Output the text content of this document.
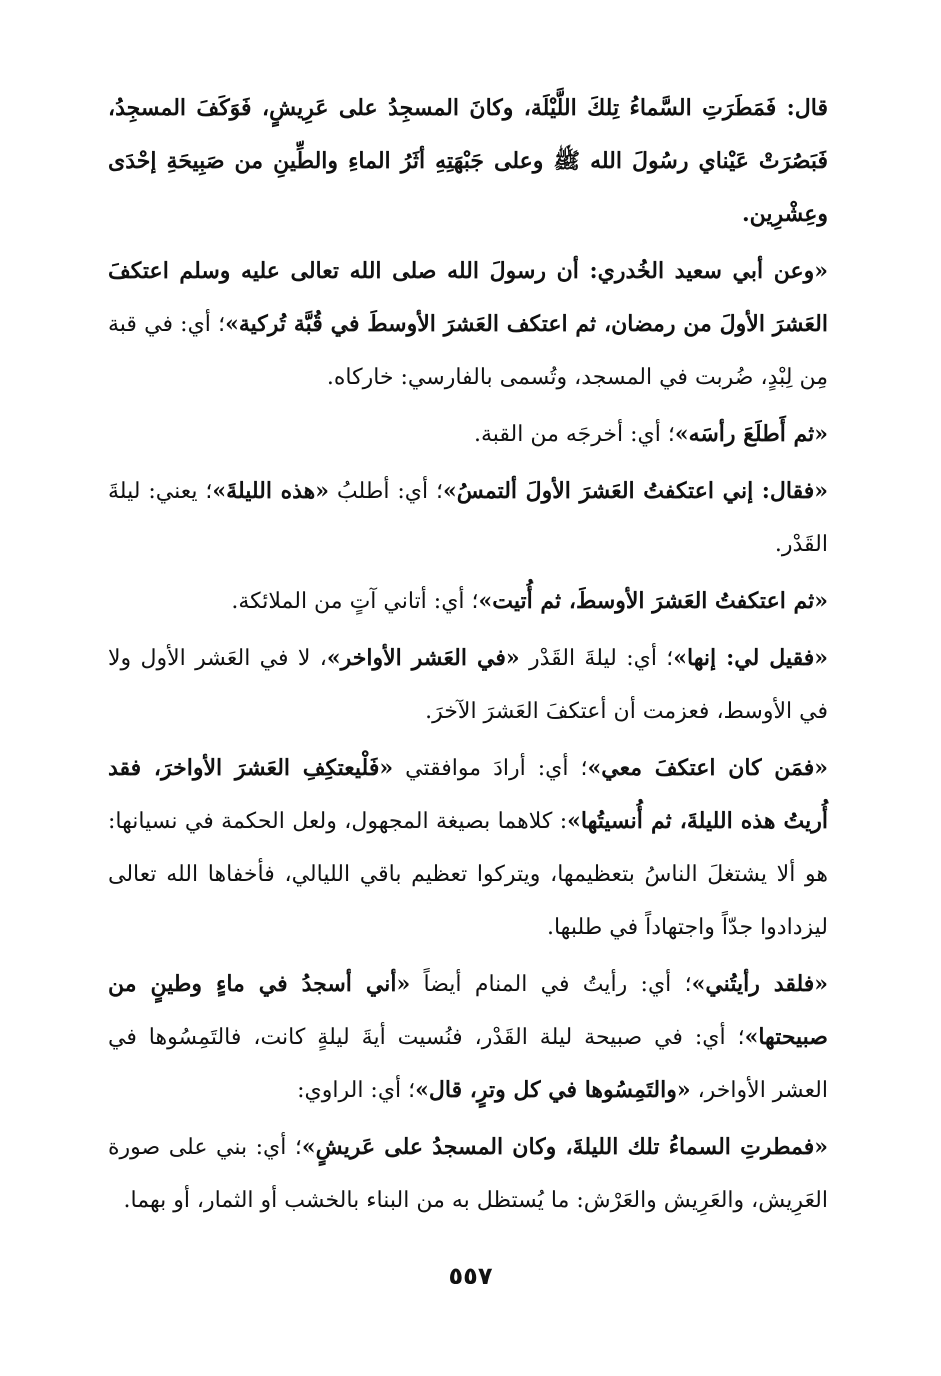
قال: فَمَطَرَتِ السَّماءُ تِلكَ اللَّيْلَة، وكانَ المسجِدُ على عَرِيشٍ، فَوَكَفَ المسجِدُ، فَبَصُرَتْ عَيْناي رسُولَ الله ﷺ وعلى جَبْهَتِهِ أثَرُ الماءِ والطِّينِ من صَبِيحَةِ إحْدَى وعِشْرِين.

«وعن أبي سعيد الخُدري: أن رسولَ الله صلى الله تعالى عليه وسلم اعتكفَ العَشرَ الأولَ من رمضان، ثم اعتكف العَشرَ الأوسطَ في قُبَّة تُركية»؛ أي: في قبة مِن لِبْدٍ، ضُربت في المسجد، وتُسمى بالفارسي: خاركاه.

«ثم أَطلَعَ رأسَه»؛ أي: أخرجَه من القبة.

«فقال: إني اعتكفتُ العَشرَ الأولَ ألتمسُ»؛ أي: أطلبُ «هذه الليلةَ»؛ يعني: ليلةَ القَدْر.

«ثم اعتكفتُ العَشرَ الأوسطَ، ثم أُتيت»؛ أي: أتاني آتٍ من الملائكة.

«فقيل لي: إنها»؛ أي: ليلةَ القَدْر «في العَشر الأواخر»، لا في العَشر الأول ولا في الأوسط، فعزمت أن أعتكفَ العَشرَ الآخرَ.

«فمَن كان اعتكفَ معي»؛ أي: أرادَ موافقتي «فَلْيعتكِفِ العَشرَ الأواخرَ، فقد أُريتُ هذه الليلةَ، ثم أُنسيتُها»: كلاهما بصيغة المجهول، ولعل الحكمة في نسيانها: هو ألا يشتغلَ الناسُ بتعظيمها، ويتركوا تعظيم باقي الليالي، فأخفاها الله تعالى ليزدادوا جدّاً واجتهاداً في طلبها.

«فلقد رأيتُني»؛ أي: رأيتُ في المنام أيضاً «أني أسجدُ في ماءٍ وطينٍ من صبيحتها»؛ أي: في صبيحة ليلة القَدْر، فنُسيت أيةَ ليلةٍ كانت، فالتَمِسُوها في العشر الأواخر، «والتَمِسُوها في كل وترٍ، قال»؛ أي: الراوي:

«فمطرتِ السماءُ تلك الليلةَ، وكان المسجدُ على عَريشٍ»؛ أي: بني على صورة العَرِيش، والعَرِيش والعَرْش: ما يُستظل به من البناء بالخشب أو الثمار، أو بهما.

٥٥٧
